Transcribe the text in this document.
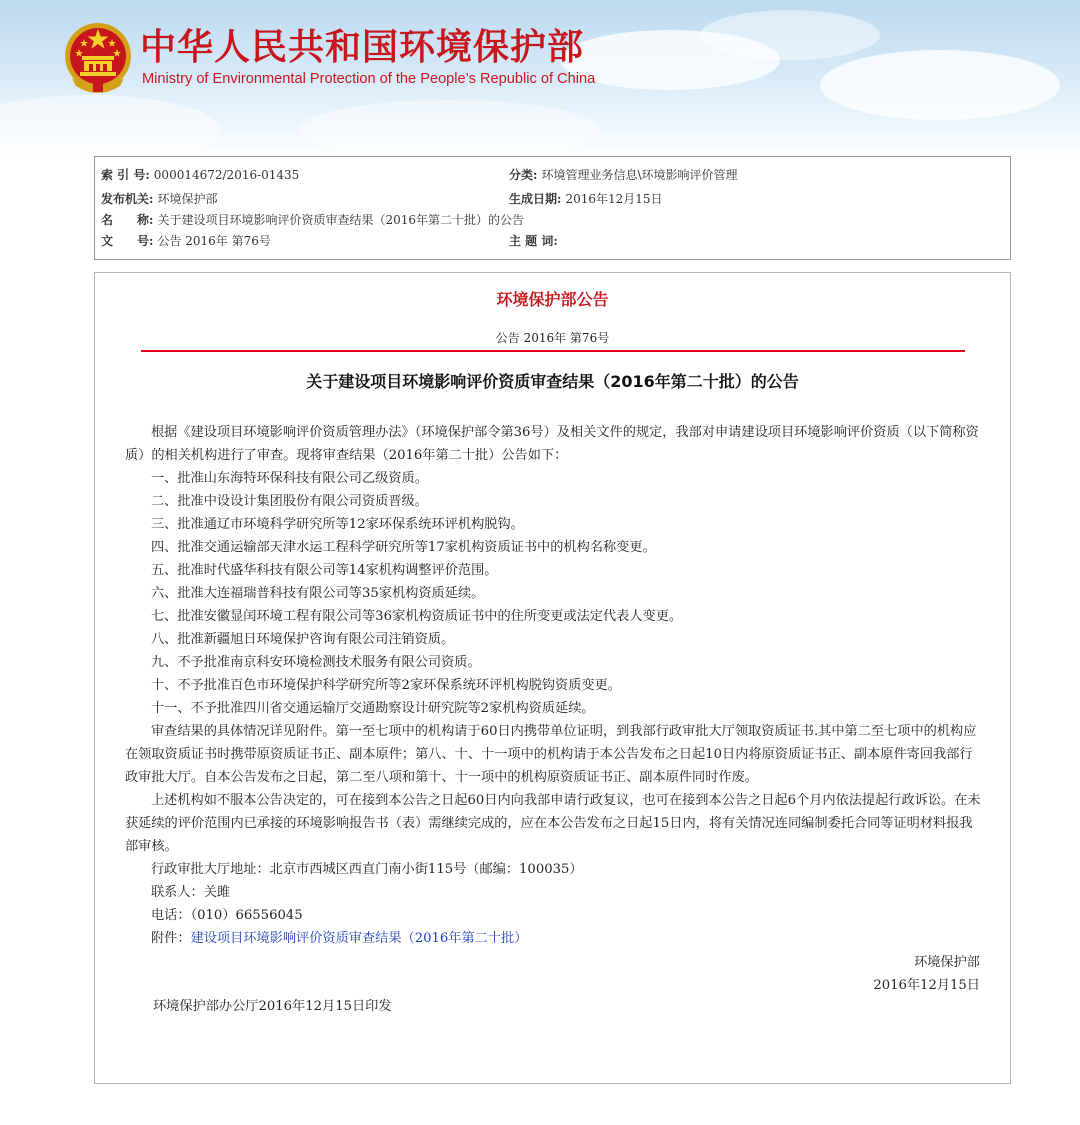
中华人民共和国环境保护部
Ministry of Environmental Protection of the People’s Republic of China
索 引 号: 000014672/2016-01435	分类: 环境管理业务信息\环境影响评价管理
发布机关: 环境保护部	生成日期: 2016年12月15日
名　　称: 关于建设项目环境影响评价资质审查结果（2016年第二十批）的公告
文　　号: 公告 2016年 第76号	主 题 词:
环境保护部公告
公告 2016年 第76号
关于建设项目环境影响评价资质审查结果（2016年第二十批）的公告

根据《建设项目环境影响评价资质管理办法》（环境保护部令第36号）及相关文件的规定，我部对申请建设项目环境影响评价资质（以下简称资质）的相关机构进行了审查。现将审查结果（2016年第二十批）公告如下：

一、批准山东海特环保科技有限公司乙级资质。

二、批准中设设计集团股份有限公司资质晋级。

三、批准通辽市环境科学研究所等12家环保系统环评机构脱钩。

四、批准交通运输部天津水运工程科学研究所等17家机构资质证书中的机构名称变更。

五、批准时代盛华科技有限公司等14家机构调整评价范围。

六、批准大连福瑞普科技有限公司等35家机构资质延续。

七、批准安徽显闰环境工程有限公司等36家机构资质证书中的住所变更或法定代表人变更。

八、批准新疆旭日环境保护咨询有限公司注销资质。

九、不予批准南京科安环境检测技术服务有限公司资质。

十、不予批准百色市环境保护科学研究所等2家环保系统环评机构脱钩资质变更。

十一、不予批准四川省交通运输厅交通勘察设计研究院等2家机构资质延续。

审查结果的具体情况详见附件。第一至七项中的机构请于60日内携带单位证明，到我部行政审批大厅领取资质证书.其中第二至七项中的机构应在领取资质证书时携带原资质证书正、副本原件；第八、十、十一项中的机构请于本公告发布之日起10日内将原资质证书正、副本原件寄回我部行政审批大厅。自本公告发布之日起，第二至八项和第十、十一项中的机构原资质证书正、副本原件同时作废。

上述机构如不服本公告决定的，可在接到本公告之日起60日内向我部申请行政复议，也可在接到本公告之日起6个月内依法提起行政诉讼。在未获延续的评价范围内已承接的环境影响报告书（表）需继续完成的，应在本公告发布之日起15日内，将有关情况连同编制委托合同等证明材料报我部审核。

行政审批大厅地址：北京市西城区西直门南小街115号（邮编：100035）

联系人：关雎

电话：（010）66556045

附件：建设项目环境影响评价资质审查结果（2016年第二十批）

环境保护部
2016年12月15日
环境保护部办公厅2016年12月15日印发
